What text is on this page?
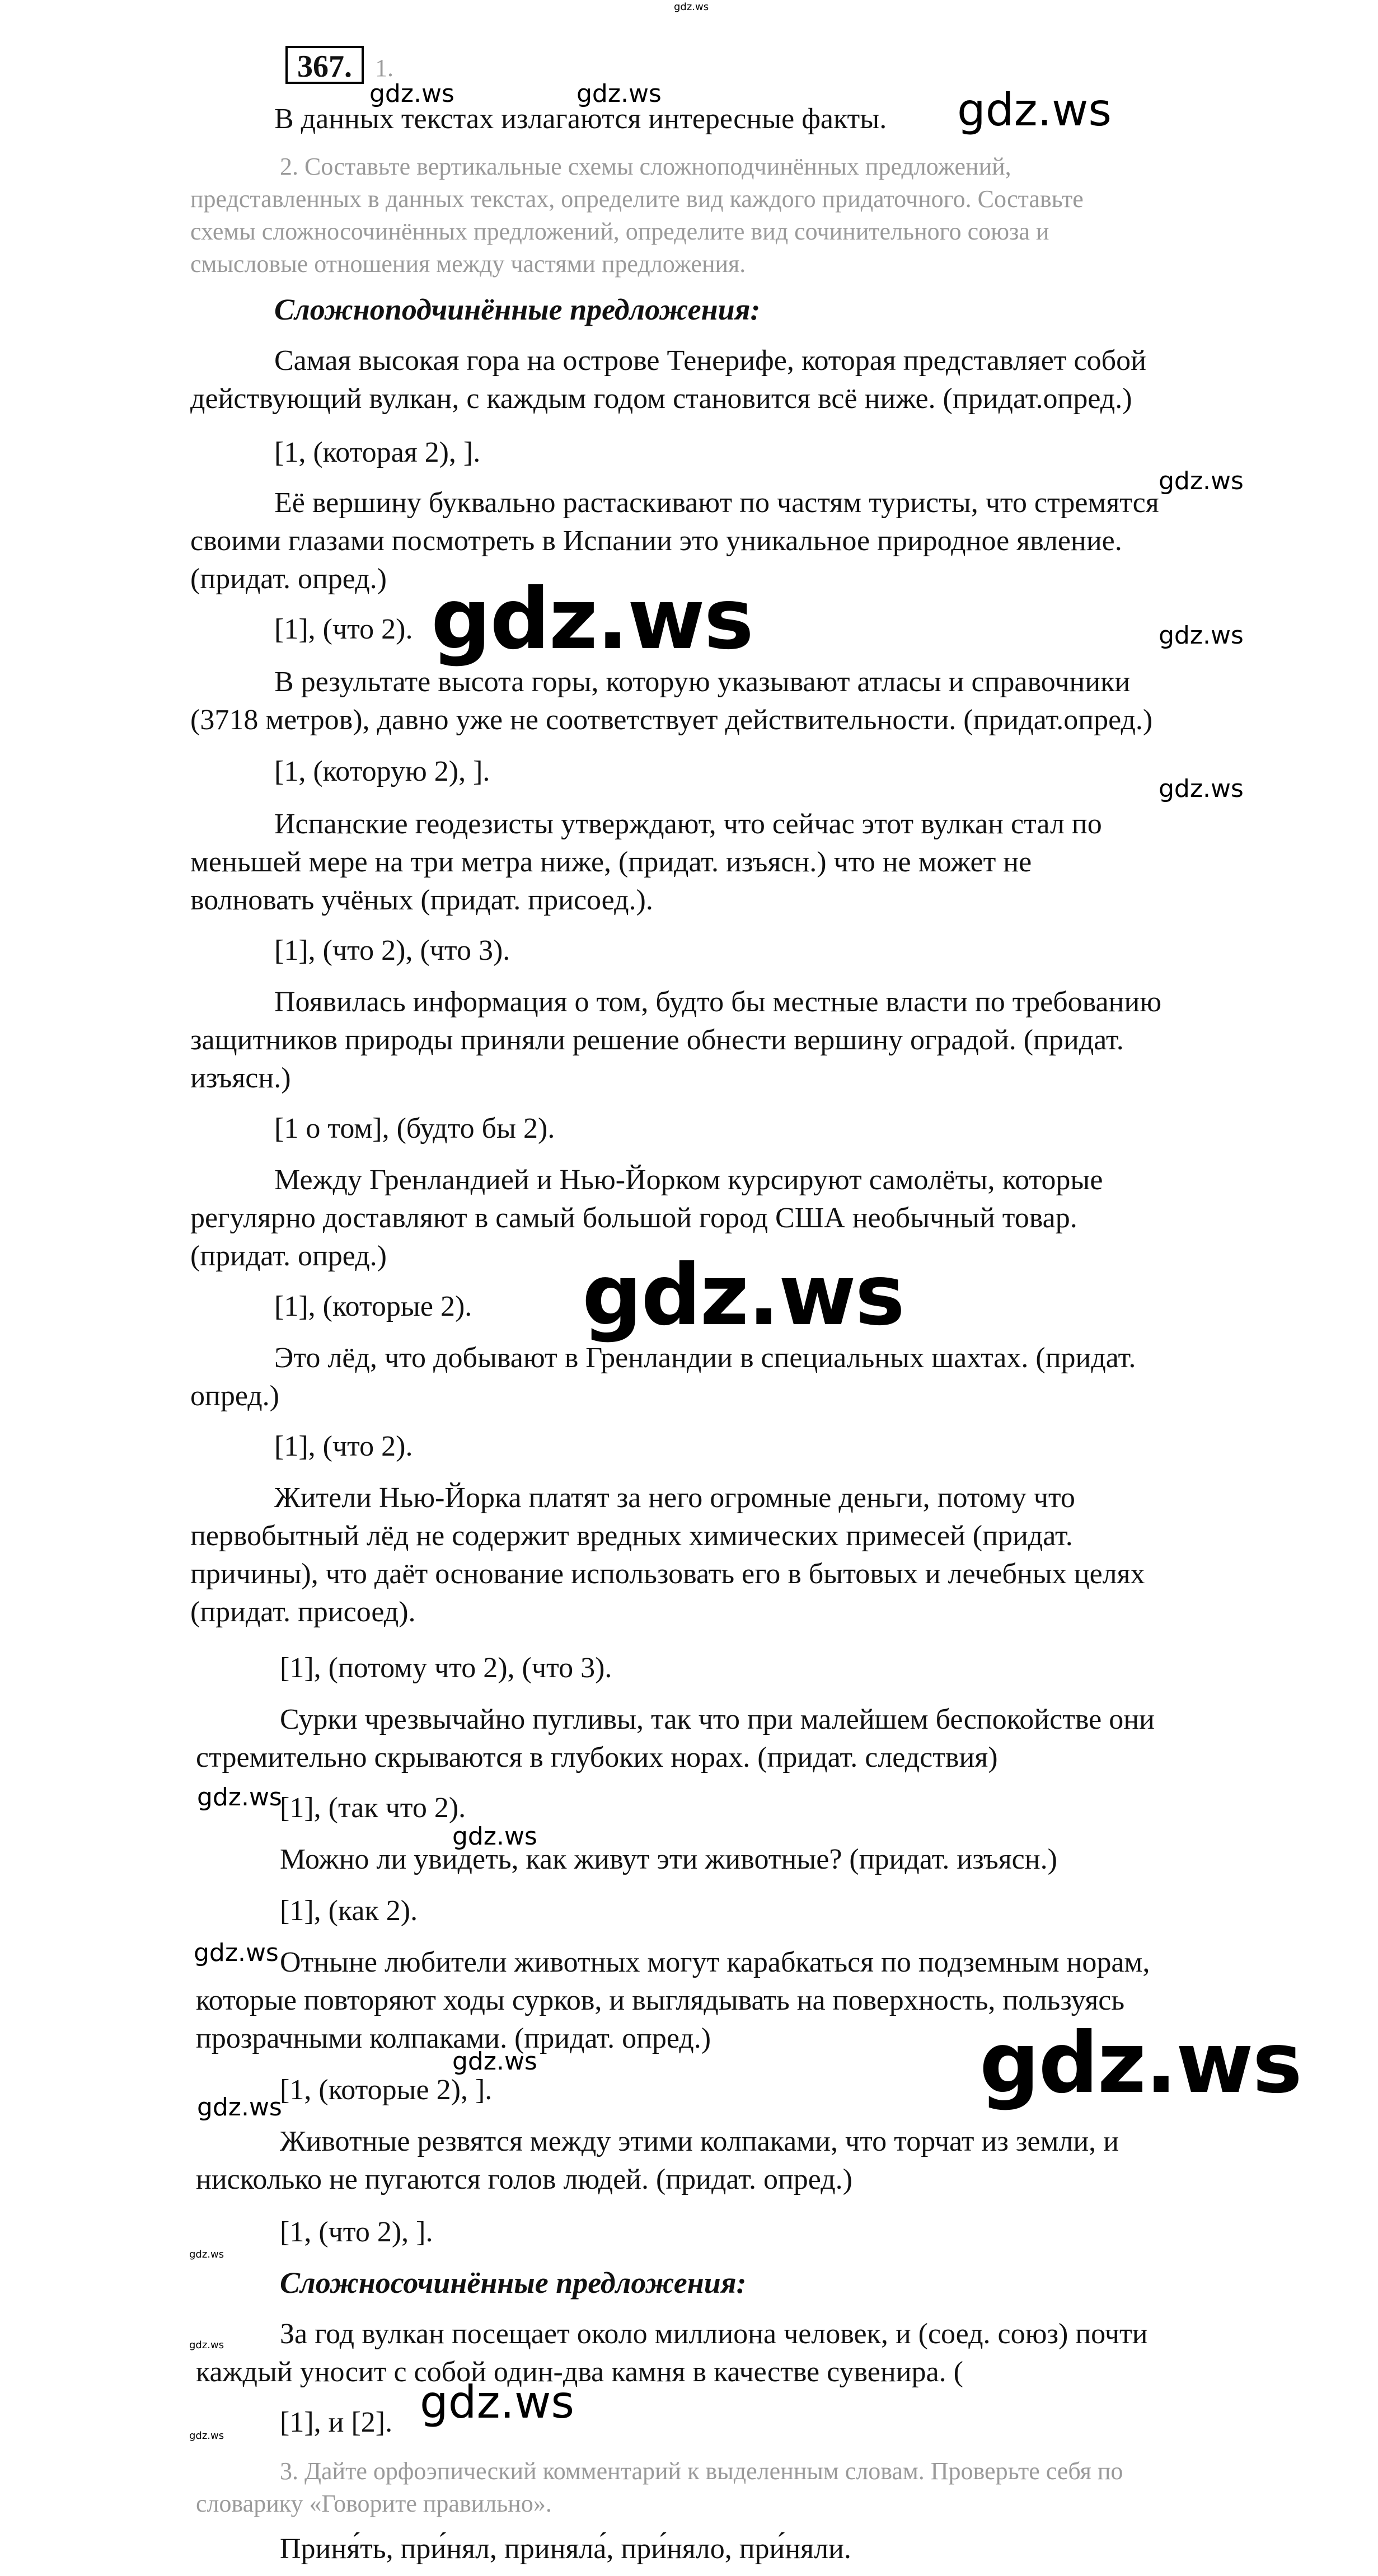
367. 1.
В данных текстах излагаются интересные факты.
2. Составьте вертикальные схемы сложноподчинённых предложений,
представленных в данных текстах, определите вид каждого придаточного. Составьте
схемы сложносочинённых предложений, определите вид сочинительного союза и
смысловые отношения между частями предложения.
Сложноподчинённые предложения:
Самая высокая гора на острове Тенерифе, которая представляет собой
действующий вулкан, с каждым годом становится всё ниже. (придат.опред.)
[1, (которая 2), ].
Её вершину буквально растаскивают по частям туристы, что стремятся
своими глазами посмотреть в Испании это уникальное природное явление.
(придат. опред.)
[1], (что 2).
В результате высота горы, которую указывают атласы и справочники
(3718 метров), давно уже не соответствует действительности. (придат.опред.)
[1, (которую 2), ].
Испанские геодезисты утверждают, что сейчас этот вулкан стал по
меньшей мере на три метра ниже, (придат. изъясн.) что не может не
волновать учёных (придат. присоед.).
[1], (что 2), (что 3).
Появилась информация о том, будто бы местные власти по требованию
защитников природы приняли решение обнести вершину оградой. (придат.
изъясн.)
[1 о том], (будто бы 2).
Между Гренландией и Нью-Йорком курсируют самолёты, которые
регулярно доставляют в самый большой город США необычный товар.
(придат. опред.)
[1], (которые 2).
Это лёд, что добывают в Гренландии в специальных шахтах. (придат.
опред.)
[1], (что 2).
Жители Нью-Йорка платят за него огромные деньги, потому что
первобытный лёд не содержит вредных химических примесей (придат.
причины), что даёт основание использовать его в бытовых и лечебных целях
(придат. присоед).
[1], (потому что 2), (что 3).
Сурки чрезвычайно пугливы, так что при малейшем беспокойстве они
стремительно скрываются в глубоких норах. (придат. следствия)
[1], (так что 2).
Можно ли увидеть, как живут эти животные? (придат. изъясн.)
[1], (как 2).
Отныне любители животных могут карабкаться по подземным норам,
которые повторяют ходы сурков, и выглядывать на поверхность, пользуясь
прозрачными колпаками. (придат. опред.)
[1, (которые 2), ].
Животные резвятся между этими колпаками, что торчат из земли, и
нисколько не пугаются голов людей. (придат. опред.)
[1, (что 2), ].
Сложносочинённые предложения:
За год вулкан посещает около миллиона человек, и (соед. союз) почти
каждый уносит с собой один-два камня в качестве сувенира. (
[1], и [2].
3. Дайте орфоэпический комментарий к выделенным словам. Проверьте себя по
словарику «Говорите правильно».
Приня́ть, при́нял, приняла́, при́няло, при́няли.
gdz.ws
gdz.ws	gdz.ws	gdz.ws
gdz.ws
gdz.ws	gdz.ws
gdz.ws
gdz.ws
gdz.ws
gdz.ws
gdz.ws
gdz.ws
gdz.ws
gdz.ws
gdz.ws
gdz.ws
gdz.ws
gdz.ws
